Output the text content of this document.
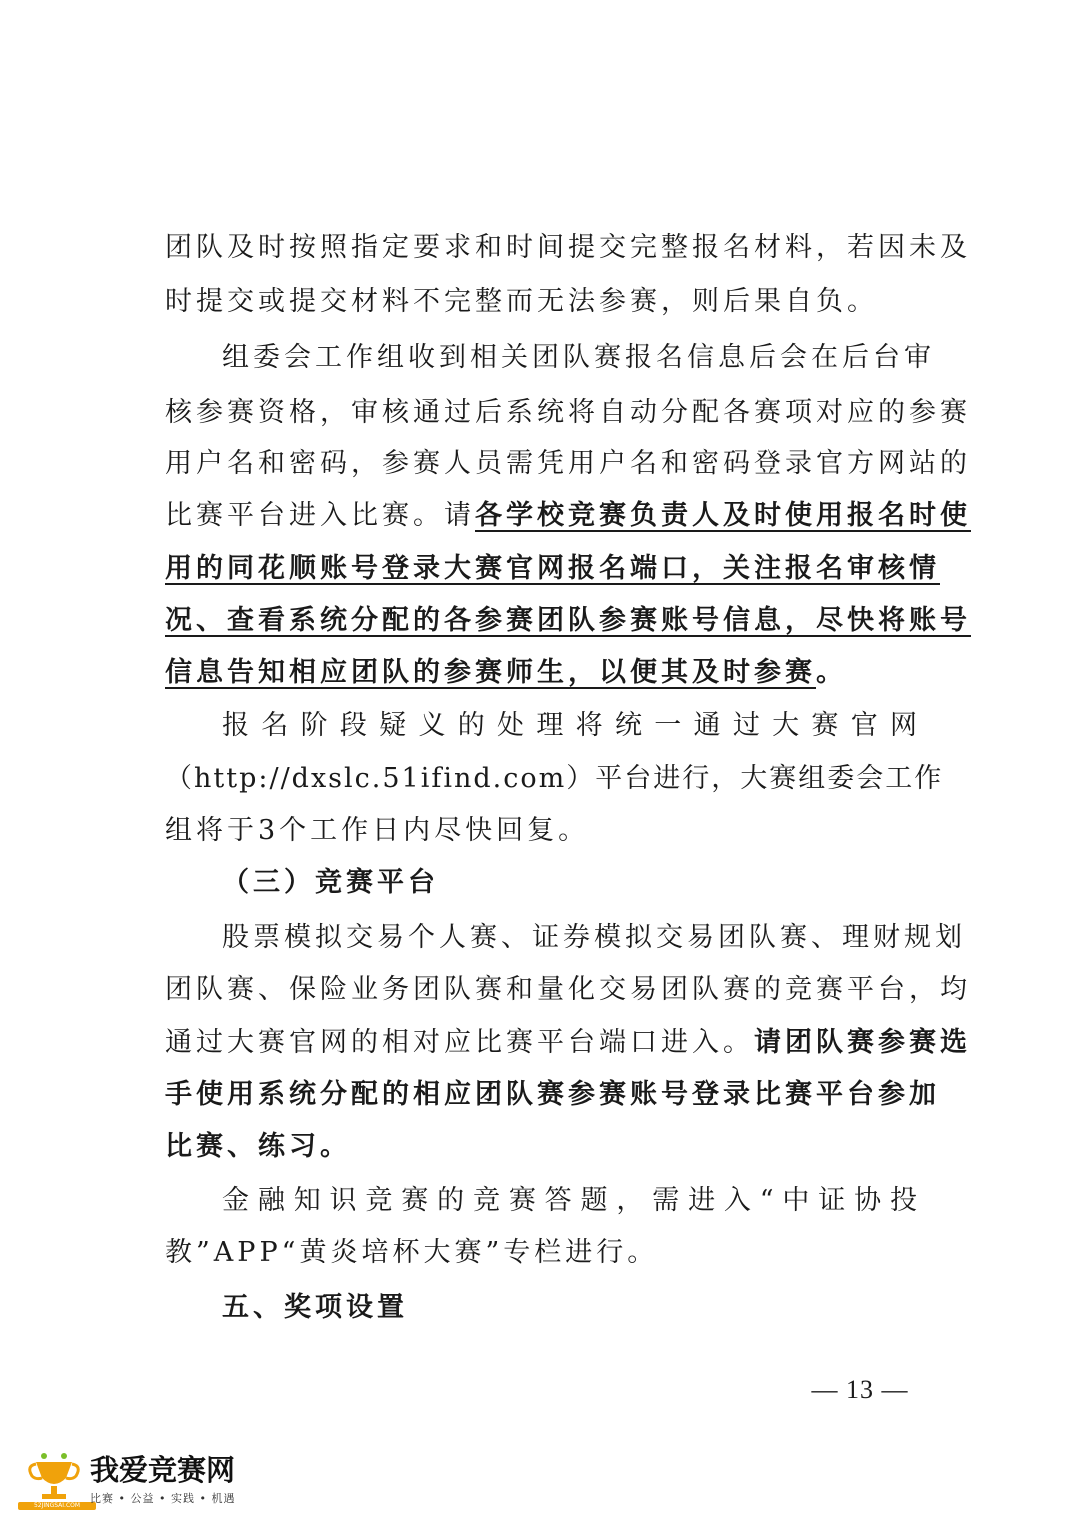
团队及时按照指定要求和时间提交完整报名材料，若因未及
时提交或提交材料不完整而无法参赛，则后果自负。
组委会工作组收到相关团队赛报名信息后会在后台审
核参赛资格，审核通过后系统将自动分配各赛项对应的参赛
用户名和密码，参赛人员需凭用户名和密码登录官方网站的
比赛平台进入比赛。请各学校竞赛负责人及时使用报名时使
用的同花顺账号登录大赛官网报名端口，关注报名审核情
况、查看系统分配的各参赛团队参赛账号信息，尽快将账号
信息告知相应团队的参赛师生，以便其及时参赛。
报名阶段疑义的处理将统一通过大赛官网
（http://dxslc.51ifind.com）平台进行，大赛组委会工作
组将于3个工作日内尽快回复。
（三）竞赛平台
股票模拟交易个人赛、证券模拟交易团队赛、理财规划
团队赛、保险业务团队赛和量化交易团队赛的竞赛平台，均
通过大赛官网的相对应比赛平台端口进入。请团队赛参赛选
手使用系统分配的相应团队赛参赛账号登录比赛平台参加
比赛、练习。
金融知识竞赛的竞赛答题，需进入“中证协投
教”APP“黄炎培杯大赛”专栏进行。
五、奖项设置
— 13 —
52JINGSAI.COM
我爱竞赛网
比赛 • 公益 • 实践 • 机遇
